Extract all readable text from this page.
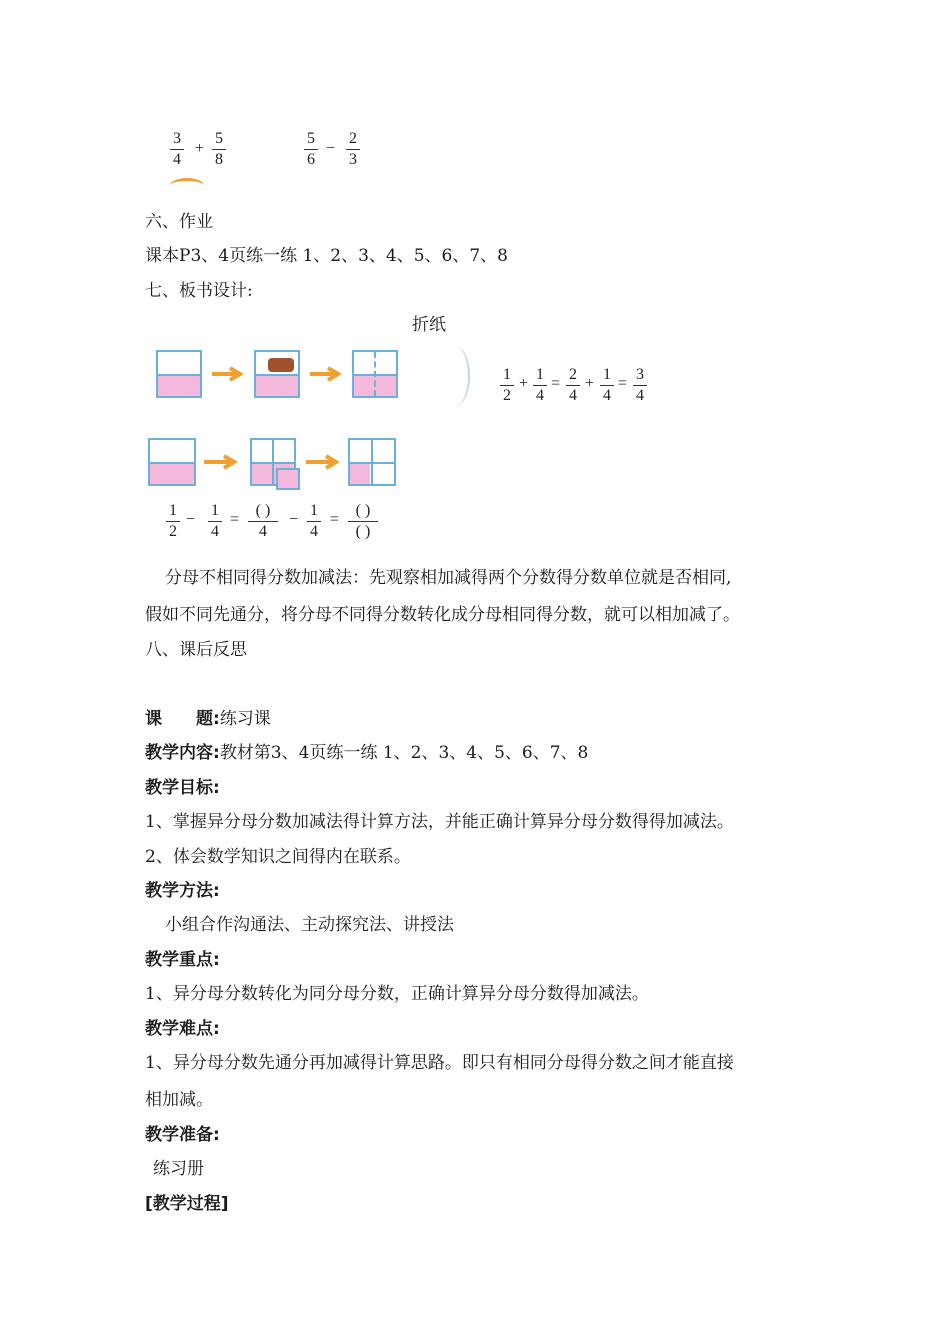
3
4
+
5
8
5
6
−
2
3
六、作业
课本P3、4页练一练 1、2、3、4、5、6、7、8
七、板书设计:
折纸
1
2
+
1
4
=
2
4
+
1
4
=
3
4
1
2
−
1
4
=
( )
4
−
1
4
=
( )
( )
分母不相同得分数加减法：先观察相加减得两个分数得分数单位就是否相同,
假如不同先通分，将分母不同得分数转化成分母相同得分数，就可以相加减了。
八、课后反思
课　　题:练习课
教学内容:教材第3、4页练一练 1、2、3、4、5、6、7、8
教学目标:
1、掌握异分母分数加减法得计算方法，并能正确计算异分母分数得得加减法。
2、体会数学知识之间得内在联系。
教学方法:
小组合作沟通法、主动探究法、讲授法
教学重点:
1、异分母分数转化为同分母分数，正确计算异分母分数得加减法。
教学难点:
1、异分母分数先通分再加减得计算思路。即只有相同分母得分数之间才能直接
相加减。
教学准备:
练习册
[教学过程]
